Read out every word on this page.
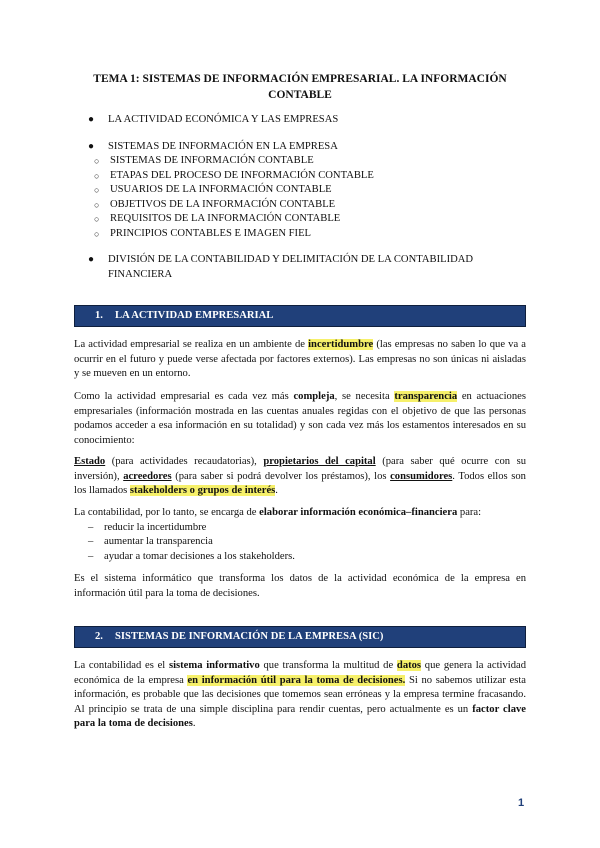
TEMA 1: SISTEMAS DE INFORMACIÓN EMPRESARIAL. LA INFORMACIÓN CONTABLE
● LA ACTIVIDAD ECONÓMICA Y LAS EMPRESAS
● SISTEMAS DE INFORMACIÓN EN LA EMPRESA
○ SISTEMAS DE INFORMACIÓN CONTABLE
○ ETAPAS DEL PROCESO DE INFORMACIÓN CONTABLE
○ USUARIOS DE LA INFORMACIÓN CONTABLE
○ OBJETIVOS DE LA INFORMACIÓN CONTABLE
○ REQUISITOS DE LA INFORMACIÓN CONTABLE
○ PRINCIPIOS CONTABLES E IMAGEN FIEL
● DIVISIÓN DE LA CONTABILIDAD Y DELIMITACIÓN DE LA CONTABILIDAD FINANCIERA
1. LA ACTIVIDAD EMPRESARIAL
La actividad empresarial se realiza en un ambiente de incertidumbre (las empresas no saben lo que va a ocurrir en el futuro y puede verse afectada por factores externos). Las empresas no son únicas ni aisladas y se mueven en un entorno.
Como la actividad empresarial es cada vez más compleja, se necesita transparencia en actuaciones empresariales (información mostrada en las cuentas anuales regidas con el objetivo de que las personas podamos acceder a esa información en su totalidad) y son cada vez más los estamentos interesados en su conocimiento:
Estado (para actividades recaudatorias), propietarios del capital (para saber qué ocurre con su inversión), acreedores (para saber si podrá devolver los préstamos), los consumidores. Todos ellos son los llamados stakeholders o grupos de interés.
La contabilidad, por lo tanto, se encarga de elaborar información económica–financiera para:
– reducir la incertidumbre
– aumentar la transparencia
– ayudar a tomar decisiones a los stakeholders.
Es el sistema informático que transforma los datos de la actividad económica de la empresa en información útil para la toma de decisiones.
2. SISTEMAS DE INFORMACIÓN DE LA EMPRESA (SIC)
La contabilidad es el sistema informativo que transforma la multitud de datos que genera la actividad económica de la empresa en información útil para la toma de decisiones. Si no sabemos utilizar esta información, es probable que las decisiones que tomemos sean erróneas y la empresa termine fracasando. Al principio se trata de una simple disciplina para rendir cuentas, pero actualmente es un factor clave para la toma de decisiones.
1
